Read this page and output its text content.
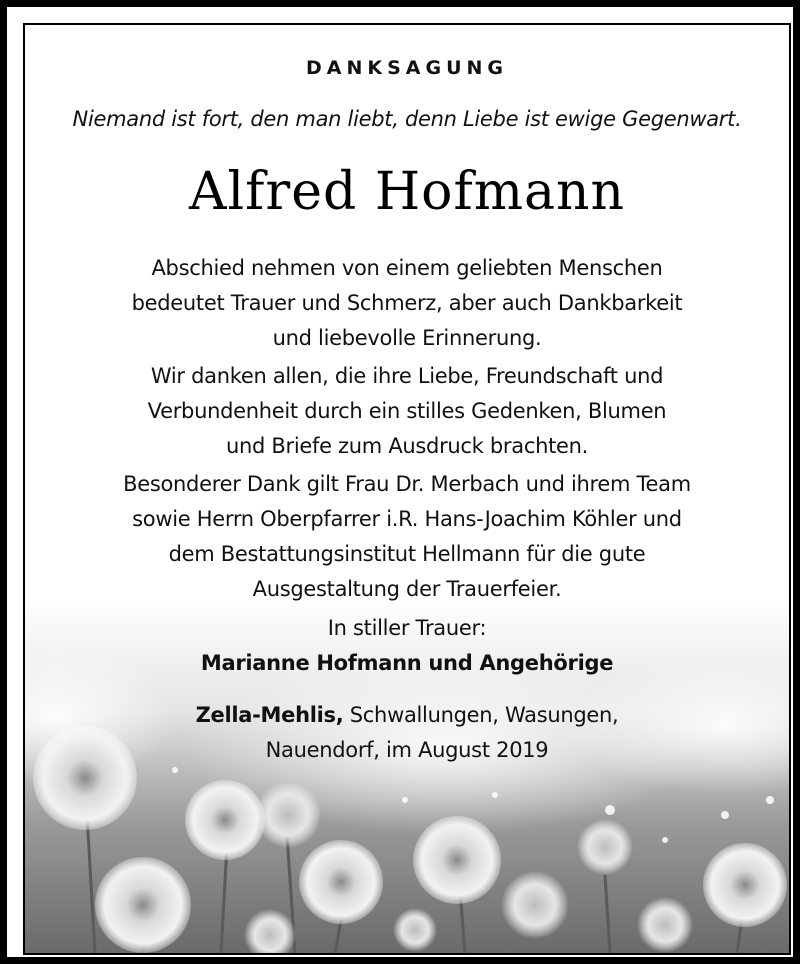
DANKSAGUNG
Niemand ist fort, den man liebt, denn Liebe ist ewige Gegenwart.
Alfred Hofmann
Abschied nehmen von einem geliebten Menschen
bedeutet Trauer und Schmerz, aber auch Dankbarkeit
und liebevolle Erinnerung.
Wir danken allen, die ihre Liebe, Freundschaft und
Verbundenheit durch ein stilles Gedenken, Blumen
und Briefe zum Ausdruck brachten.
Besonderer Dank gilt Frau Dr. Merbach und ihrem Team
sowie Herrn Oberpfarrer i.R. Hans-Joachim Köhler und
dem Bestattungsinstitut Hellmann für die gute
Ausgestaltung der Trauerfeier.
In stiller Trauer:
Marianne Hofmann und Angehörige
Zella-Mehlis, Schwallungen, Wasungen,
Nauendorf, im August 2019
